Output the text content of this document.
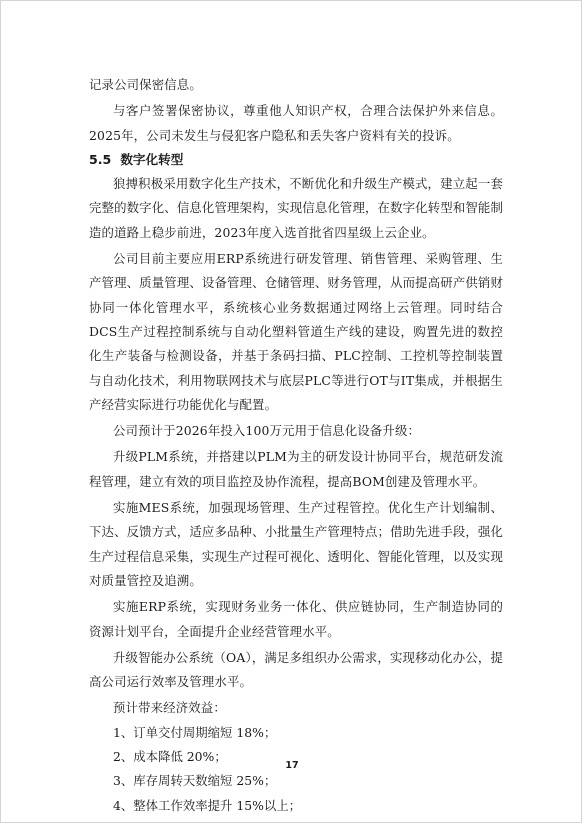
记录公司保密信息。

与客户签署保密协议，尊重他人知识产权，合理合法保护外来信息。2025年，公司未发生与侵犯客户隐私和丢失客户资料有关的投诉。

5.5 数字化转型

狼搏积极采用数字化生产技术，不断优化和升级生产模式，建立起一套完整的数字化、信息化管理架构，实现信息化管理，在数字化转型和智能制造的道路上稳步前进，2023年度入选首批省四星级上云企业。

公司目前主要应用ERP系统进行研发管理、销售管理、采购管理、生产管理、质量管理、设备管理、仓储管理、财务管理，从而提高研产供销财协同一体化管理水平，系统核心业务数据通过网络上云管理。同时结合DCS生产过程控制系统与自动化塑料管道生产线的建设，购置先进的数控化生产装备与检测设备，并基于条码扫描、PLC控制、工控机等控制装置与自动化技术，利用物联网技术与底层PLC等进行OT与IT集成，并根据生产经营实际进行功能优化与配置。

公司预计于2026年投入100万元用于信息化设备升级：

升级PLM系统，并搭建以PLM为主的研发设计协同平台，规范研发流程管理，建立有效的项目监控及协作流程，提高BOM创建及管理水平。

实施MES系统，加强现场管理、生产过程管控。优化生产计划编制、下达、反馈方式，适应多品种、小批量生产管理特点；借助先进手段，强化生产过程信息采集，实现生产过程可视化、透明化、智能化管理，以及实现对质量管控及追溯。

实施ERP系统，实现财务业务一体化、供应链协同，生产制造协同的资源计划平台，全面提升企业经营管理水平。

升级智能办公系统（OA），满足多组织办公需求，实现移动化办公，提高公司运行效率及管理水平。

预计带来经济效益：

1、订单交付周期缩短 18%；

2、成本降低 20%；

3、库存周转天数缩短 25%；

4、整体工作效率提升 15%以上；

17
